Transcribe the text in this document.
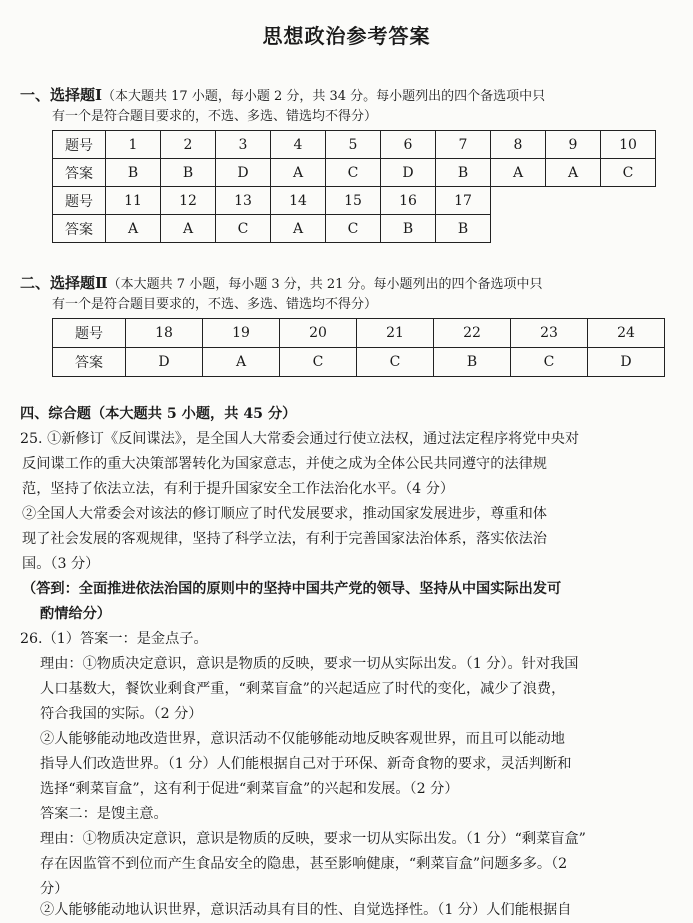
思想政治参考答案
一、选择题Ⅰ（本大题共 17 小题，每小题 2 分，共 34 分。每小题列出的四个备选项中只
有一个是符合题目要求的，不选、多选、错选均不得分）
题号	1	2	3	4	5	6	7	8	9	10
答案	B	B	D	A	C	D	B	A	A	C
题号	11	12	13	14	15	16	17
答案	A	A	C	A	C	B	B
二、选择题Ⅱ（本大题共 7 小题，每小题 3 分，共 21 分。每小题列出的四个备选项中只
有一个是符合题目要求的，不选、多选、错选均不得分）
题号	18	19	20	21	22	23	24
答案	D	A	C	C	B	C	D
四、综合题（本大题共 5 小题，共 45 分）
25. ①新修订《反间谍法》，是全国人大常委会通过行使立法权，通过法定程序将党中央对
反间谍工作的重大决策部署转化为国家意志，并使之成为全体公民共同遵守的法律规
范，坚持了依法立法，有利于提升国家安全工作法治化水平。（4 分）
②全国人大常委会对该法的修订顺应了时代发展要求，推动国家发展进步，尊重和体
现了社会发展的客观规律，坚持了科学立法，有利于完善国家法治体系，落实依法治
国。（3 分）
（答到：全面推进依法治国的原则中的坚持中国共产党的领导、坚持从中国实际出发可
酌情给分）
26.（1）答案一：是金点子。
理由：①物质决定意识，意识是物质的反映，要求一切从实际出发。（1 分）。针对我国
人口基数大，餐饮业剩食严重，“剩菜盲盒”的兴起适应了时代的变化，减少了浪费，
符合我国的实际。（2 分）
②人能够能动地改造世界，意识活动不仅能够能动地反映客观世界，而且可以能动地
指导人们改造世界。（1 分）人们能根据自己对于环保、新奇食物的要求，灵活判断和
选择“剩菜盲盒”，这有利于促进“剩菜盲盒”的兴起和发展。（2 分）
答案二：是馊主意。
理由：①物质决定意识，意识是物质的反映，要求一切从实际出发。（1 分）“剩菜盲盒”
存在因监管不到位而产生食品安全的隐患，甚至影响健康，“剩菜盲盒”问题多多。（2
分）
②人能够能动地认识世界，意识活动具有目的性、自觉选择性。（1 分）人们能根据自
